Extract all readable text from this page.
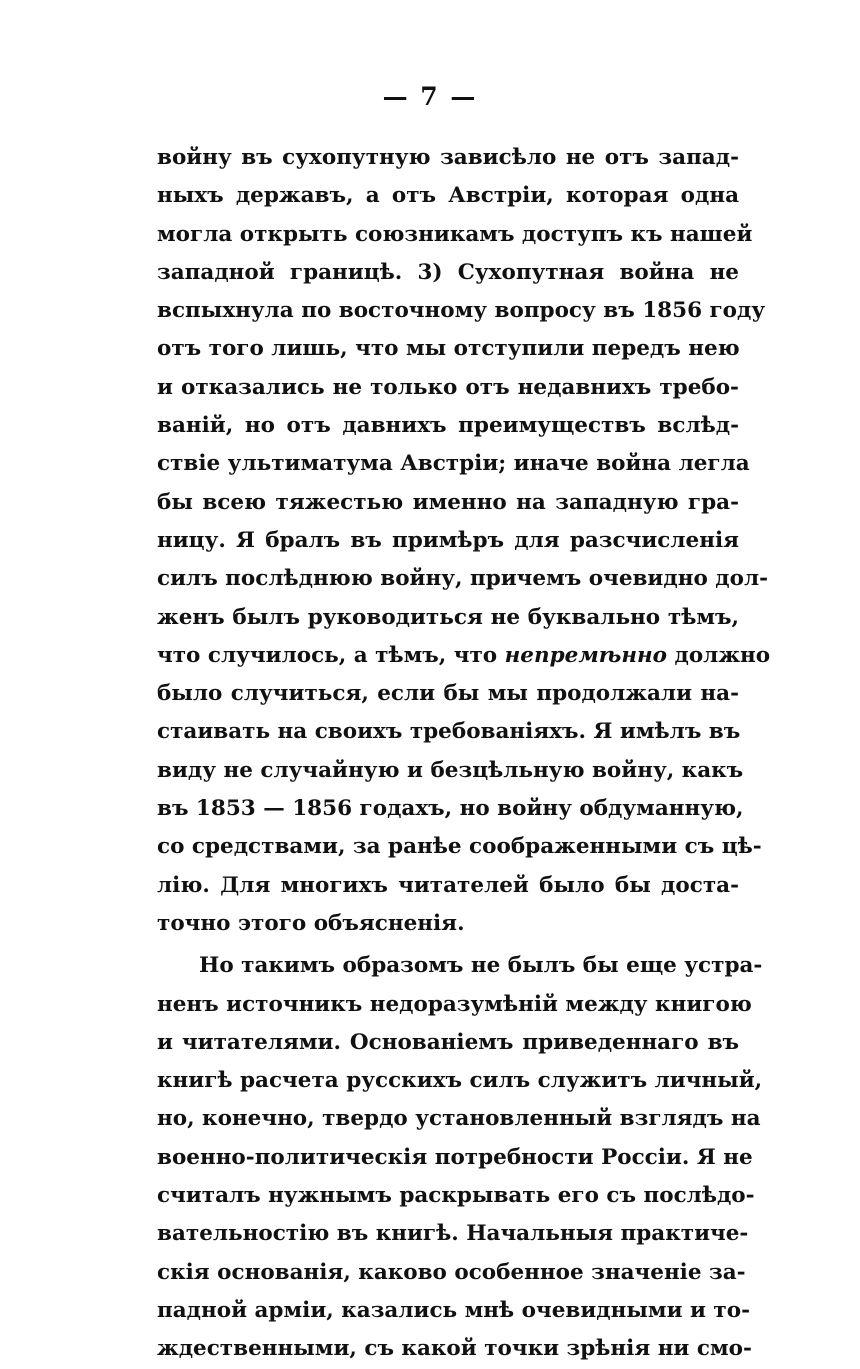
— 7 —
войну въ сухопутную зависѣло не отъ запад-
ныхъ державъ, а отъ Австріи, которая одна
могла открыть союзникамъ доступъ къ нашей
западной границѣ. 3) Сухопутная война не
вспыхнула по восточному вопросу въ 1856 году
отъ того лишь, что мы отступили передъ нею
и отказались не только отъ недавнихъ требо-
ваній, но отъ давнихъ преимуществъ вслѣд-
ствіе ультиматума Австріи; иначе война легла
бы всею тяжестью именно на западную гра-
ницу. Я бралъ въ примѣръ для разсчисленія
силъ послѣднюю войну, причемъ очевидно дол-
женъ былъ руководиться не буквально тѣмъ,
что случилось, а тѣмъ, что непремѣнно должно
было случиться, если бы мы продолжали на-
стаивать на своихъ требованіяхъ. Я имѣлъ въ
виду не случайную и безцѣльную войну, какъ
въ 1853 — 1856 годахъ, но войну обдуманную,
со средствами, за ранѣе соображенными съ цѣ-
лію. Для многихъ читателей было бы доста-
точно этого объясненія.
Но такимъ образомъ не былъ бы еще устра-
ненъ источникъ недоразумѣній между книгою
и читателями. Основаніемъ приведеннаго въ
книгѣ расчета русскихъ силъ служитъ личный,
но, конечно, твердо установленный взглядъ на
военно-политическія потребности Россіи. Я не
считалъ нужнымъ раскрывать его съ послѣдо-
вательностію въ книгѣ. Начальныя практиче-
скія основанія, каково особенное значеніе за-
падной арміи, казались мнѣ очевидными и то-
ждественными, съ какой точки зрѣнія ни смо-
